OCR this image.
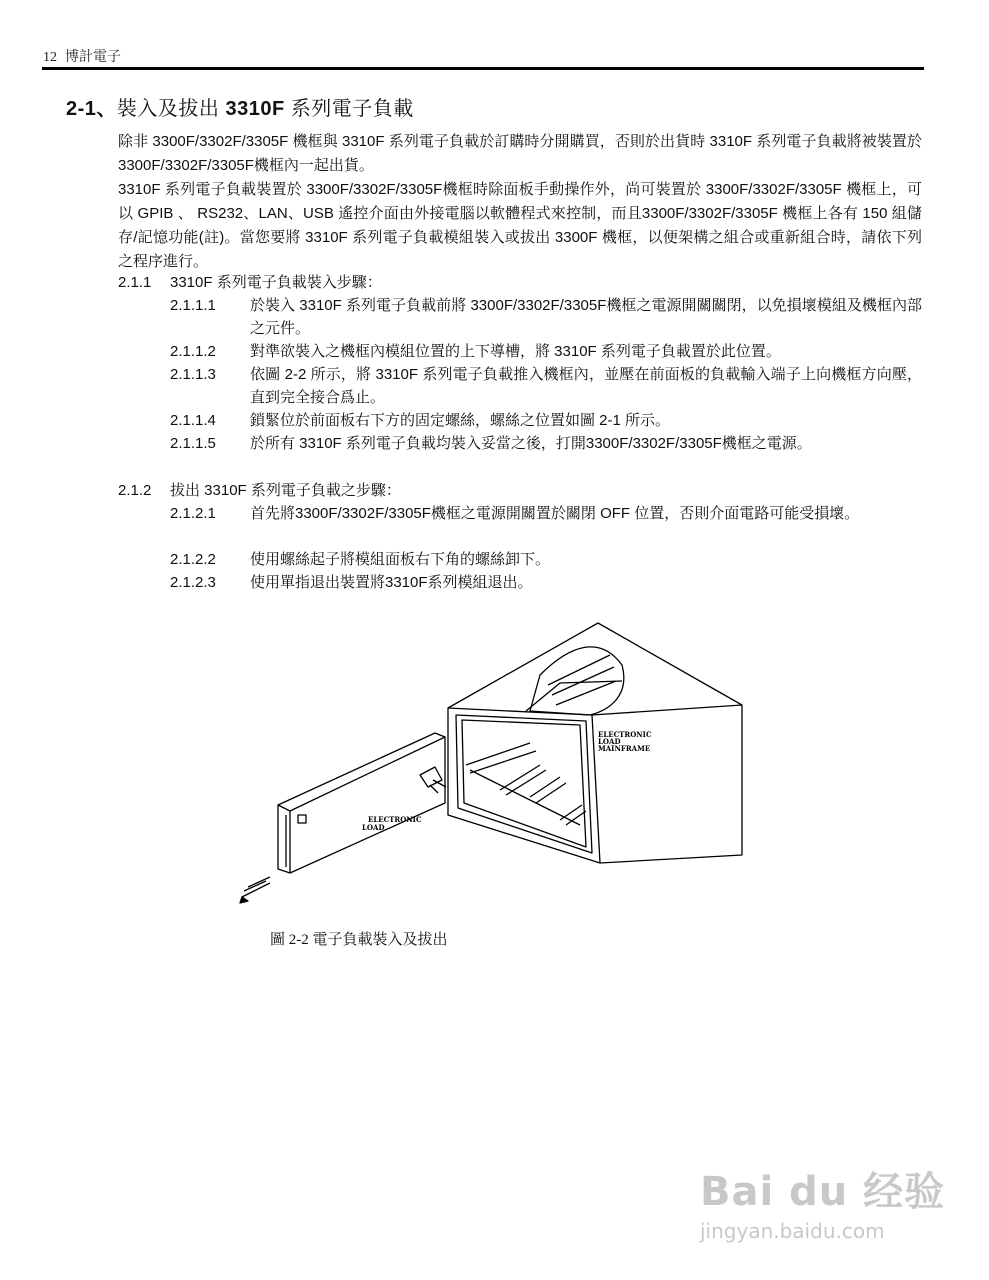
12 博計電子
2-1、裝入及拔出 3310F 系列電子負載

除非 3300F/3302F/3305F 機框與 3310F 系列電子負載於訂購時分開購買，否則於出貨時 3310F 系列電子負載將被裝置於 3300F/3302F/3305F機框內一起出貨。

3310F 系列電子負載裝置於 3300F/3302F/3305F機框時除面板手動操作外，尚可裝置於 3300F/3302F/3305F 機框上，可以 GPIB 、 RS232、LAN、USB 遙控介面由外接電腦以軟體程式來控制，而且3300F/3302F/3305F 機框上各有 150 組儲存/記憶功能(註)。當您要將 3310F 系列電子負載模組裝入或拔出 3300F 機框，以便架構之組合或重新組合時，請依下列之程序進行。

2.1.1 3310F 系列電子負載裝入步驟：
2.1.1.1 於裝入 3310F 系列電子負載前將 3300F/3302F/3305F機框之電源開關關閉，以免損壞模組及機框內部之元件。
2.1.1.2 對準欲裝入之機框內模組位置的上下導槽，將 3310F 系列電子負載置於此位置。
2.1.1.3 依圖 2-2 所示，將 3310F 系列電子負載推入機框內，並壓在前面板的負載輸入端子上向機框方向壓，直到完全接合爲止。
2.1.1.4 鎖緊位於前面板右下方的固定螺絲，螺絲之位置如圖 2-1 所示。
2.1.1.5 於所有 3310F 系列電子負載均裝入妥當之後，打開3300F/3302F/3305F機框之電源。
2.1.2 拔出 3310F 系列電子負載之步驟：
2.1.2.1 首先將3300F/3302F/3305F機框之電源開關置於關閉 OFF 位置，否則介面電路可能受損壞。
2.1.2.2 使用螺絲起子將模組面板右下角的螺絲卸下。
2.1.2.3 使用單指退出裝置將3310F系列模組退出。
ELECTRONIC
LOAD
MAINFRAME
ELECTRONIC
LOAD
圖 2-2 電子負載裝入及拔出
Bai du 经验
jingyan.baidu.com
